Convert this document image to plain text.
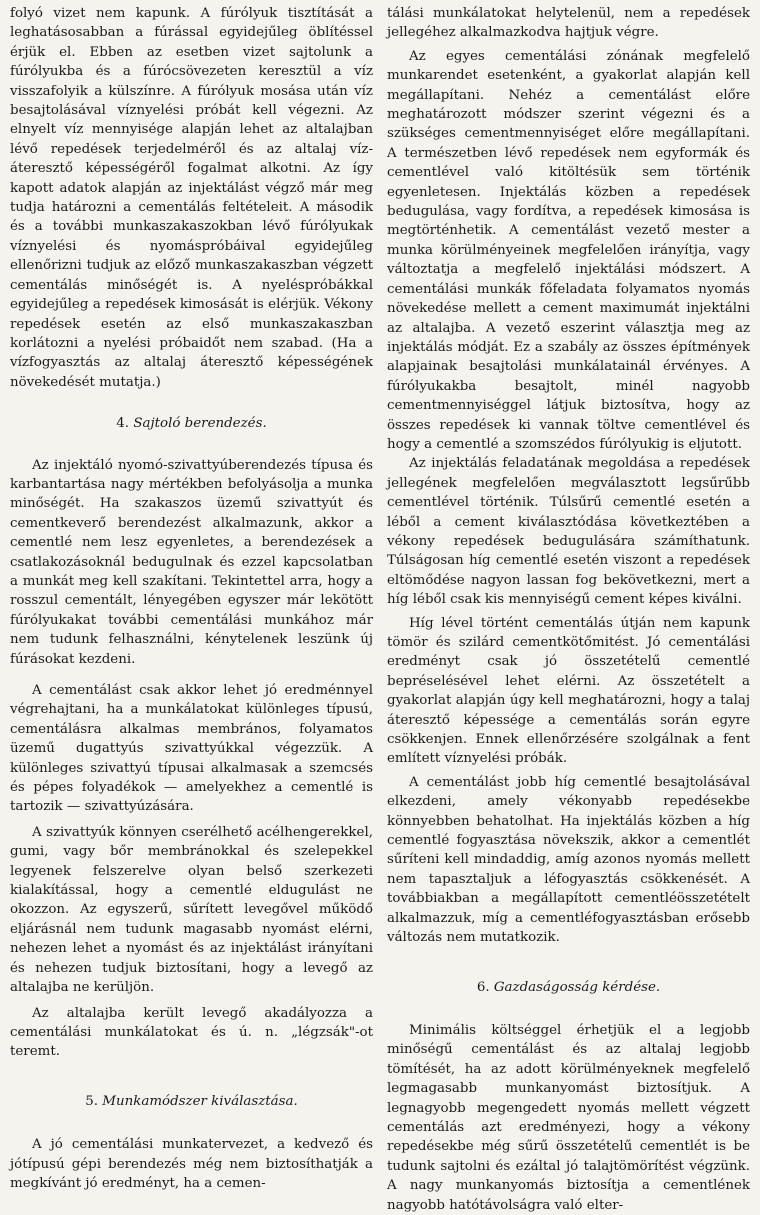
folyó vizet nem kapunk. A fúrólyuk tisztítását a leghatásosabban a fúrással egyidejűleg öblítéssel érjük el. Ebben az esetben vizet sajtolunk a fúrólyukba és a fúrócsövezeten keresztül a víz visszafolyik a külszínre. A fúrólyuk mosása után víz besajtolásával víznyelési próbát kell végezni. Az elnyelt víz mennyisége alapján lehet az altalajban lévő repedések terjedelméről és az altalaj víz-áteresztő képességéről fogalmat alkotni. Az így kapott adatok alapján az injektálást végző már meg tudja határozni a cementálás feltételeit. A második és a további munkaszakaszokban lévő fúrólyukak víznyelési és nyomáspróbáival egyidejűleg ellenőrizni tudjuk az előző munkaszakaszban végzett cementálás minőségét is. A nyeléspróbákkal egyidejűleg a repedések kimosását is elérjük. Vékony repedések esetén az első munkaszakaszban korlátozni a nyelési próbaidőt nem szabad. (Ha a vízfogyasztás az altalaj áteresztő képességének növekedését mutatja.)

4. Sajtoló berendezés.

Az injektáló nyomó-szivattyúberendezés típusa és karbantartása nagy mértékben befolyásolja a munka minőségét. Ha szakaszos üzemű szivattyút és cementkeverő berendezést alkalmazunk, akkor a cementlé nem lesz egyenletes, a berendezések a csatlakozásoknál bedugulnak és ezzel kapcsolatban a munkát meg kell szakítani. Tekintettel arra, hogy a rosszul cementált, lényegében egyszer már lekötött fúrólyukakat további cementálási munkához már nem tudunk felhasználni, kénytelenek leszünk új fúrásokat kezdeni.

A cementálást csak akkor lehet jó eredménnyel végrehajtani, ha a munkálatokat különleges típusú, cementálásra alkalmas membrános, folyamatos üzemű dugattyús szivattyúkkal végezzük. A különleges szivattyú típusai alkalmasak a szemcsés és pépes folyadékok — amelyekhez a cementlé is tartozik — szivattyúzására.

A szivattyúk könnyen cserélhető acélhengerekkel, gumi, vagy bőr membránokkal és szelepekkel legyenek felszerelve olyan belső szerkezeti kialakítással, hogy a cementlé eldugulást ne okozzon. Az egyszerű, sűrített levegővel működő eljárásnál nem tudunk magasabb nyomást elérni, nehezen lehet a nyomást és az injektálást irányítani és nehezen tudjuk biztosítani, hogy a levegő az altalajba ne kerüljön.

Az altalajba került levegő akadályozza a cementálási munkálatokat és ú. n. „légzsák"-ot teremt.

5. Munkamódszer kiválasztása.

A jó cementálási munkatervezet, a kedvező és jótípusú gépi berendezés még nem biztosíthatják a megkívánt jó eredményt, ha a cemen-

tálási munkálatokat helytelenül, nem a repedések jellegéhez alkalmazkodva hajtjuk végre.

Az egyes cementálási zónának megfelelő munkarendet esetenként, a gyakorlat alapján kell megállapítani. Nehéz a cementálást előre meghatározott módszer szerint végezni és a szükséges cementmennyiséget előre megállapítani. A természetben lévő repedések nem egyformák és cementlével való kitöltésük sem történik egyenletesen. Injektálás közben a repedések bedugulása, vagy fordítva, a repedések kimosása is megtörténhetik. A cementálást vezető mester a munka körülményeinek megfelelően irányítja, vagy változtatja a megfelelő injektálási módszert. A cementálási munkák főfeladata folyamatos nyomás növekedése mellett a cement maximumát injektálni az altalajba. A vezető eszerint választja meg az injektálás módját. Ez a szabály az összes építmények alapjainak besajtolási munkálatainál érvényes. A fúrólyukakba besajtolt, minél nagyobb cementmennyiséggel látjuk biztosítva, hogy az összes repedések ki vannak töltve cementlével és hogy a cementlé a szomszédos fúrólyukig is eljutott.

Az injektálás feladatának megoldása a repedések jellegének megfelelően megválasztott legsűrűbb cementlével történik. Túlsűrű cementlé esetén a léből a cement kiválasztódása következtében a vékony repedések bedugulására számíthatunk. Túlságosan híg cementlé esetén viszont a repedések eltömődése nagyon lassan fog bekövetkezni, mert a híg léből csak kis mennyiségű cement képes kiválni.

Híg lével történt cementálás útján nem kapunk tömör és szilárd cementkötőmitést. Jó cementálási eredményt csak jó összetételű cementlé bepréselésével lehet elérni. Az összetételt a gyakorlat alapján úgy kell meghatározni, hogy a talaj áteresztő képessége a cementálás során egyre csökkenjen. Ennek ellenőrzésére szolgálnak a fent említett víznyelési próbák.

A cementálást jobb híg cementlé besajtolásával elkezdeni, amely vékonyabb repedésekbe könnyebben behatolhat. Ha injektálás közben a híg cementlé fogyasztása növekszik, akkor a cementlét sűríteni kell mindaddig, amíg azonos nyomás mellett nem tapasztaljuk a léfogyasztás csökkenését. A továbbiakban a megállapított cementléösszetételt alkalmazzuk, míg a cementléfogyasztásban erősebb változás nem mutatkozik.

6. Gazdaságosság kérdése.

Minimális költséggel érhetjük el a legjobb minőségű cementálást és az altalaj legjobb tömítését, ha az adott körülményeknek megfelelő legmagasabb munkanyomást biztosítjuk. A legnagyobb megengedett nyomás mellett végzett cementálás azt eredményezi, hogy a vékony repedésekbe még sűrű összetételű cementlét is be tudunk sajtolni és ezáltal jó talajtömörítést végzünk. A nagy munkanyomás biztosítja a cementlének nagyobb hatótávolságra való elter-
